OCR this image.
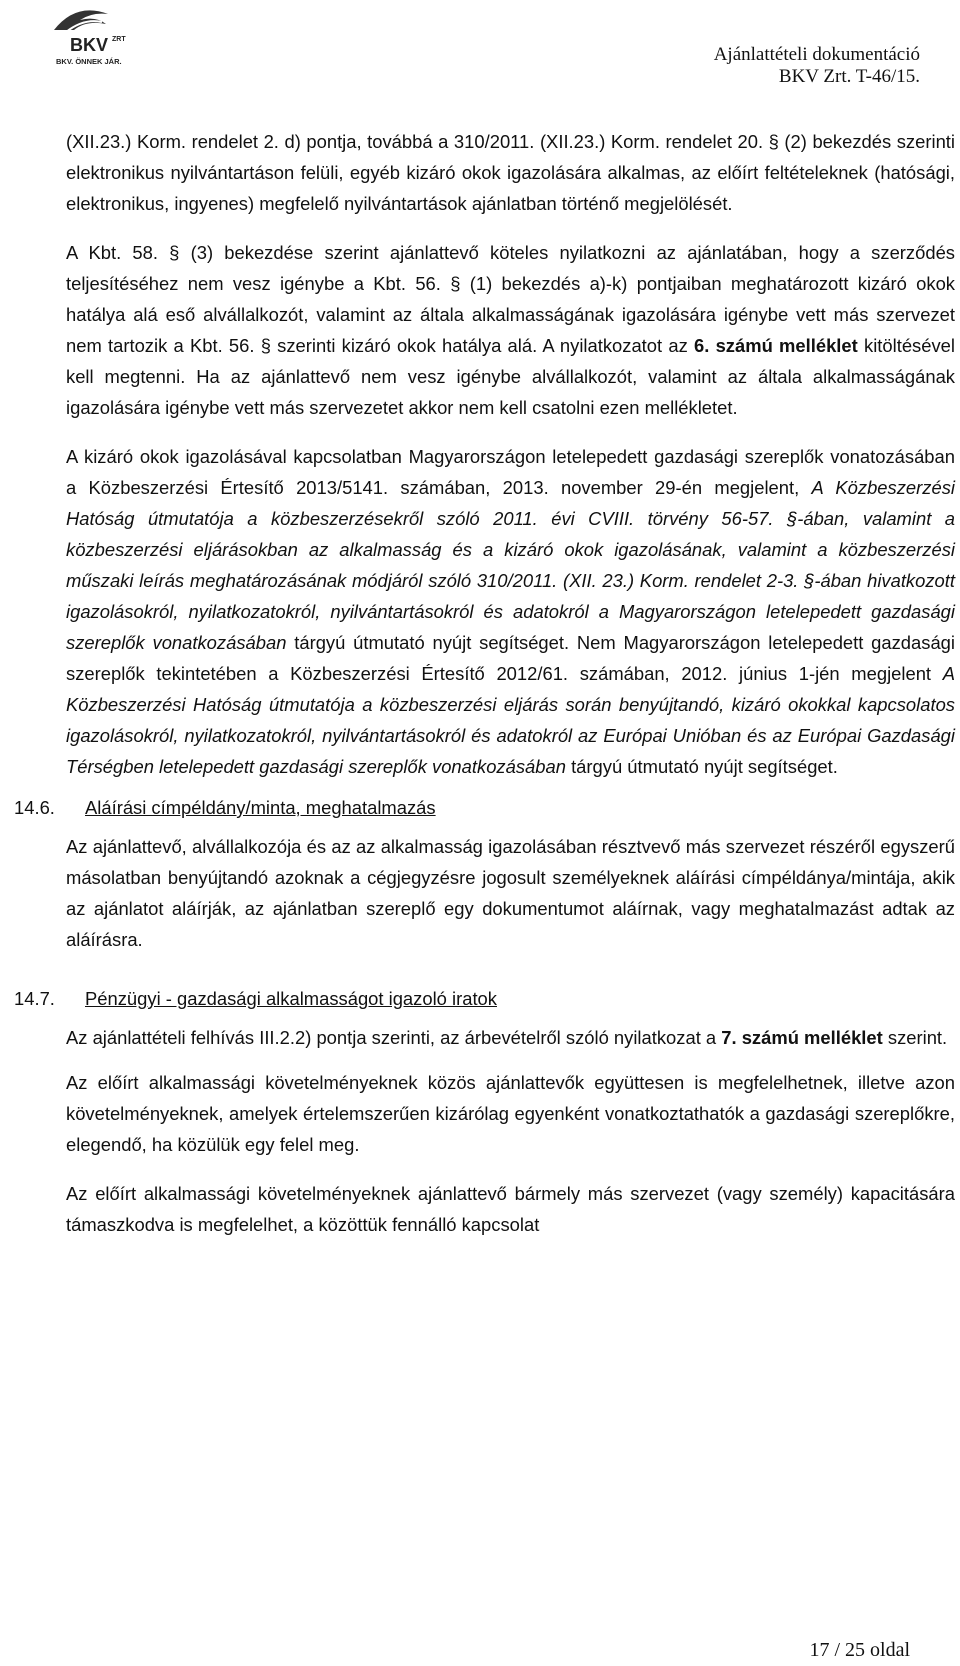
BKV ZRT
BKV. ÖNNEK JÁR.	Ajánlattételi dokumentáció
BKV Zrt. T-46/15.

(XII.23.) Korm. rendelet 2. d) pontja, továbbá a 310/2011. (XII.23.) Korm. rendelet 20. § (2) bekezdés szerinti elektronikus nyilvántartáson felüli, egyéb kizáró okok igazolására alkalmas, az előírt feltételeknek (hatósági, elektronikus, ingyenes) megfelelő nyilvántartások ajánlatban történő megjelölését.

A Kbt. 58. § (3) bekezdése szerint ajánlattevő köteles nyilatkozni az ajánlatában, hogy a szerződés teljesítéséhez nem vesz igénybe a Kbt. 56. § (1) bekezdés a)-k) pontjaiban meghatározott kizáró okok hatálya alá eső alvállalkozót, valamint az általa alkalmasságának igazolására igénybe vett más szervezet nem tartozik a Kbt. 56. § szerinti kizáró okok hatálya alá. A nyilatkozatot az 6. számú melléklet kitöltésével kell megtenni. Ha az ajánlattevő nem vesz igénybe alvállalkozót, valamint az általa alkalmasságának igazolására igénybe vett más szervezetet akkor nem kell csatolni ezen mellékletet.

A kizáró okok igazolásával kapcsolatban Magyarországon letelepedett gazdasági szereplők vonatozásában a Közbeszerzési Értesítő 2013/5141. számában, 2013. november 29-én megjelent, A Közbeszerzési Hatóság útmutatója a közbeszerzésekről szóló 2011. évi CVIII. törvény 56-57. §-ában, valamint a közbeszerzési eljárásokban az alkalmasság és a kizáró okok igazolásának, valamint a közbeszerzési műszaki leírás meghatározásának módjáról szóló 310/2011. (XII. 23.) Korm. rendelet 2-3. §-ában hivatkozott igazolásokról, nyilatkozatokról, nyilvántartásokról és adatokról a Magyarországon letelepedett gazdasági szereplők vonatkozásában tárgyú útmutató nyújt segítséget. Nem Magyarországon letelepedett gazdasági szereplők tekintetében a Közbeszerzési Értesítő 2012/61. számában, 2012. június 1-jén megjelent A Közbeszerzési Hatóság útmutatója a közbeszerzési eljárás során benyújtandó, kizáró okokkal kapcsolatos igazolásokról, nyilatkozatokról, nyilvántartásokról és adatokról az Európai Unióban és az Európai Gazdasági Térségben letelepedett gazdasági szereplők vonatkozásában tárgyú útmutató nyújt segítséget.

14.6. Aláírási címpéldány/minta, meghatalmazás

Az ajánlattevő, alvállalkozója és az az alkalmasság igazolásában résztvevő más szervezet részéről egyszerű másolatban benyújtandó azoknak a cégjegyzésre jogosult személyeknek aláírási címpéldánya/mintája, akik az ajánlatot aláírják, az ajánlatban szereplő egy dokumentumot aláírnak, vagy meghatalmazást adtak az aláírásra.

14.7. Pénzügyi - gazdasági alkalmasságot igazoló iratok

Az ajánlattételi felhívás III.2.2) pontja szerinti, az árbevételről szóló nyilatkozat a 7. számú melléklet szerint.

Az előírt alkalmassági követelményeknek közös ajánlattevők együttesen is megfelelhetnek, illetve azon követelményeknek, amelyek értelemszerűen kizárólag egyenként vonatkoztathatók a gazdasági szereplőkre, elegendő, ha közülük egy felel meg.

Az előírt alkalmassági követelményeknek ajánlattevő bármely más szervezet (vagy személy) kapacitására támaszkodva is megfelelhet, a közöttük fennálló kapcsolat

17 / 25 oldal
